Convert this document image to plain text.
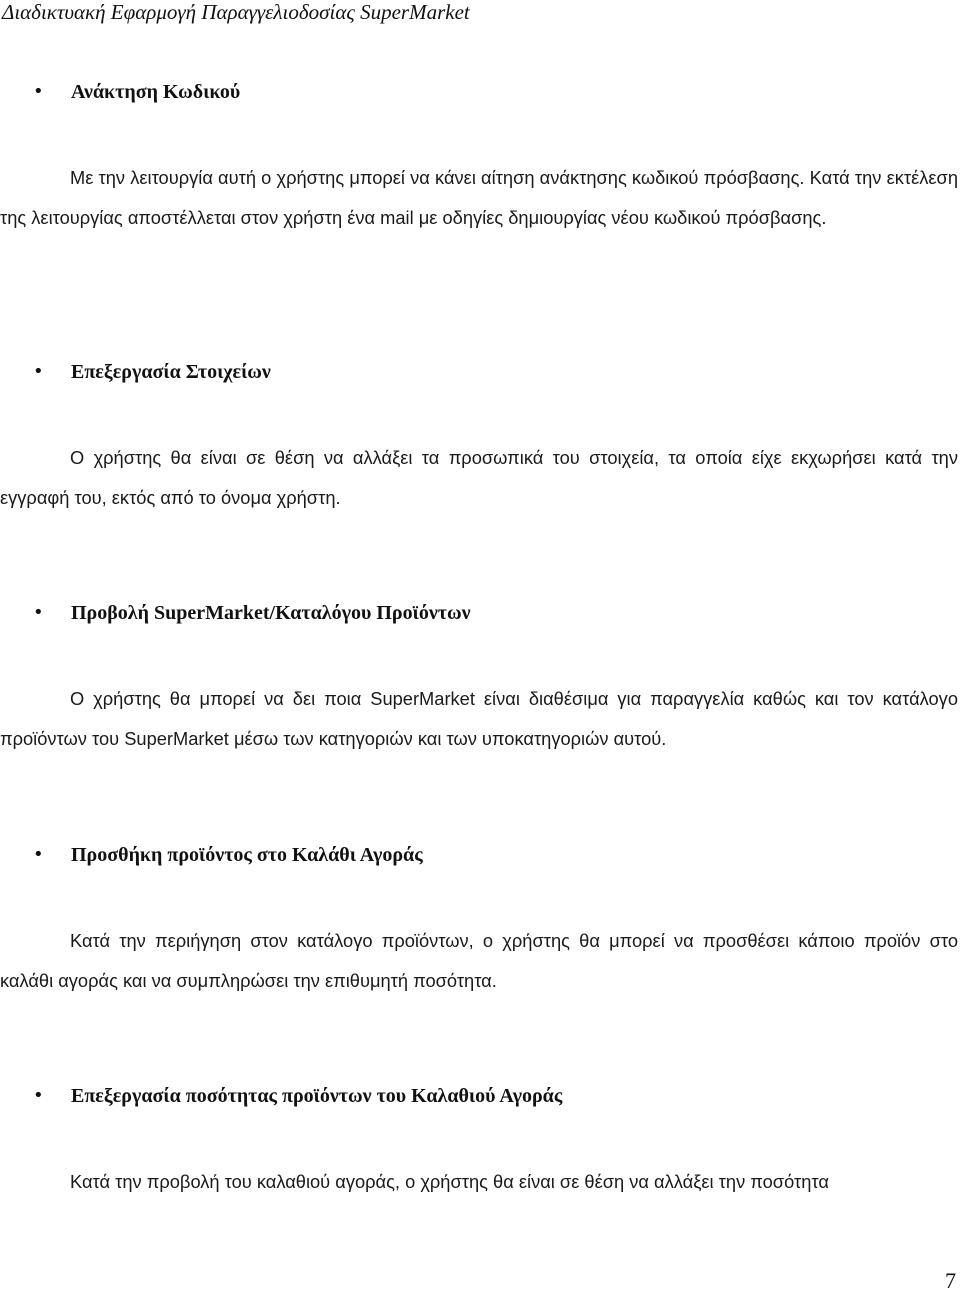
Διαδικτυακή Εφαρμογή Παραγγελιοδοσίας SuperMarket
• Ανάκτηση Κωδικού

Με την λειτουργία αυτή ο χρήστης μπορεί να κάνει αίτηση ανάκτησης κωδικού πρόσβασης. Κατά την εκτέλεση της λειτουργίας αποστέλλεται στον χρήστη ένα mail με οδηγίες δημιουργίας νέου κωδικού πρόσβασης.

• Επεξεργασία Στοιχείων

Ο χρήστης θα είναι σε θέση να αλλάξει τα προσωπικά του στοιχεία, τα οποία είχε εκχωρήσει κατά την εγγραφή του, εκτός από το όνομα χρήστη.

• Προβολή SuperMarket/Καταλόγου Προϊόντων

Ο χρήστης θα μπορεί να δει ποια SuperMarket είναι διαθέσιμα για παραγγελία καθώς και τον κατάλογο προϊόντων του SuperMarket μέσω των κατηγοριών και των υποκατηγοριών αυτού.

• Προσθήκη προϊόντος στο Καλάθι Αγοράς

Κατά την περιήγηση στον κατάλογο προϊόντων, ο χρήστης θα μπορεί να προσθέσει κάποιο προϊόν στο καλάθι αγοράς και να συμπληρώσει την επιθυμητή ποσότητα.

• Επεξεργασία ποσότητας προϊόντων του Καλαθιού Αγοράς

Κατά την προβολή του καλαθιού αγοράς, ο χρήστης θα είναι σε θέση να αλλάξει την ποσότητα

7
